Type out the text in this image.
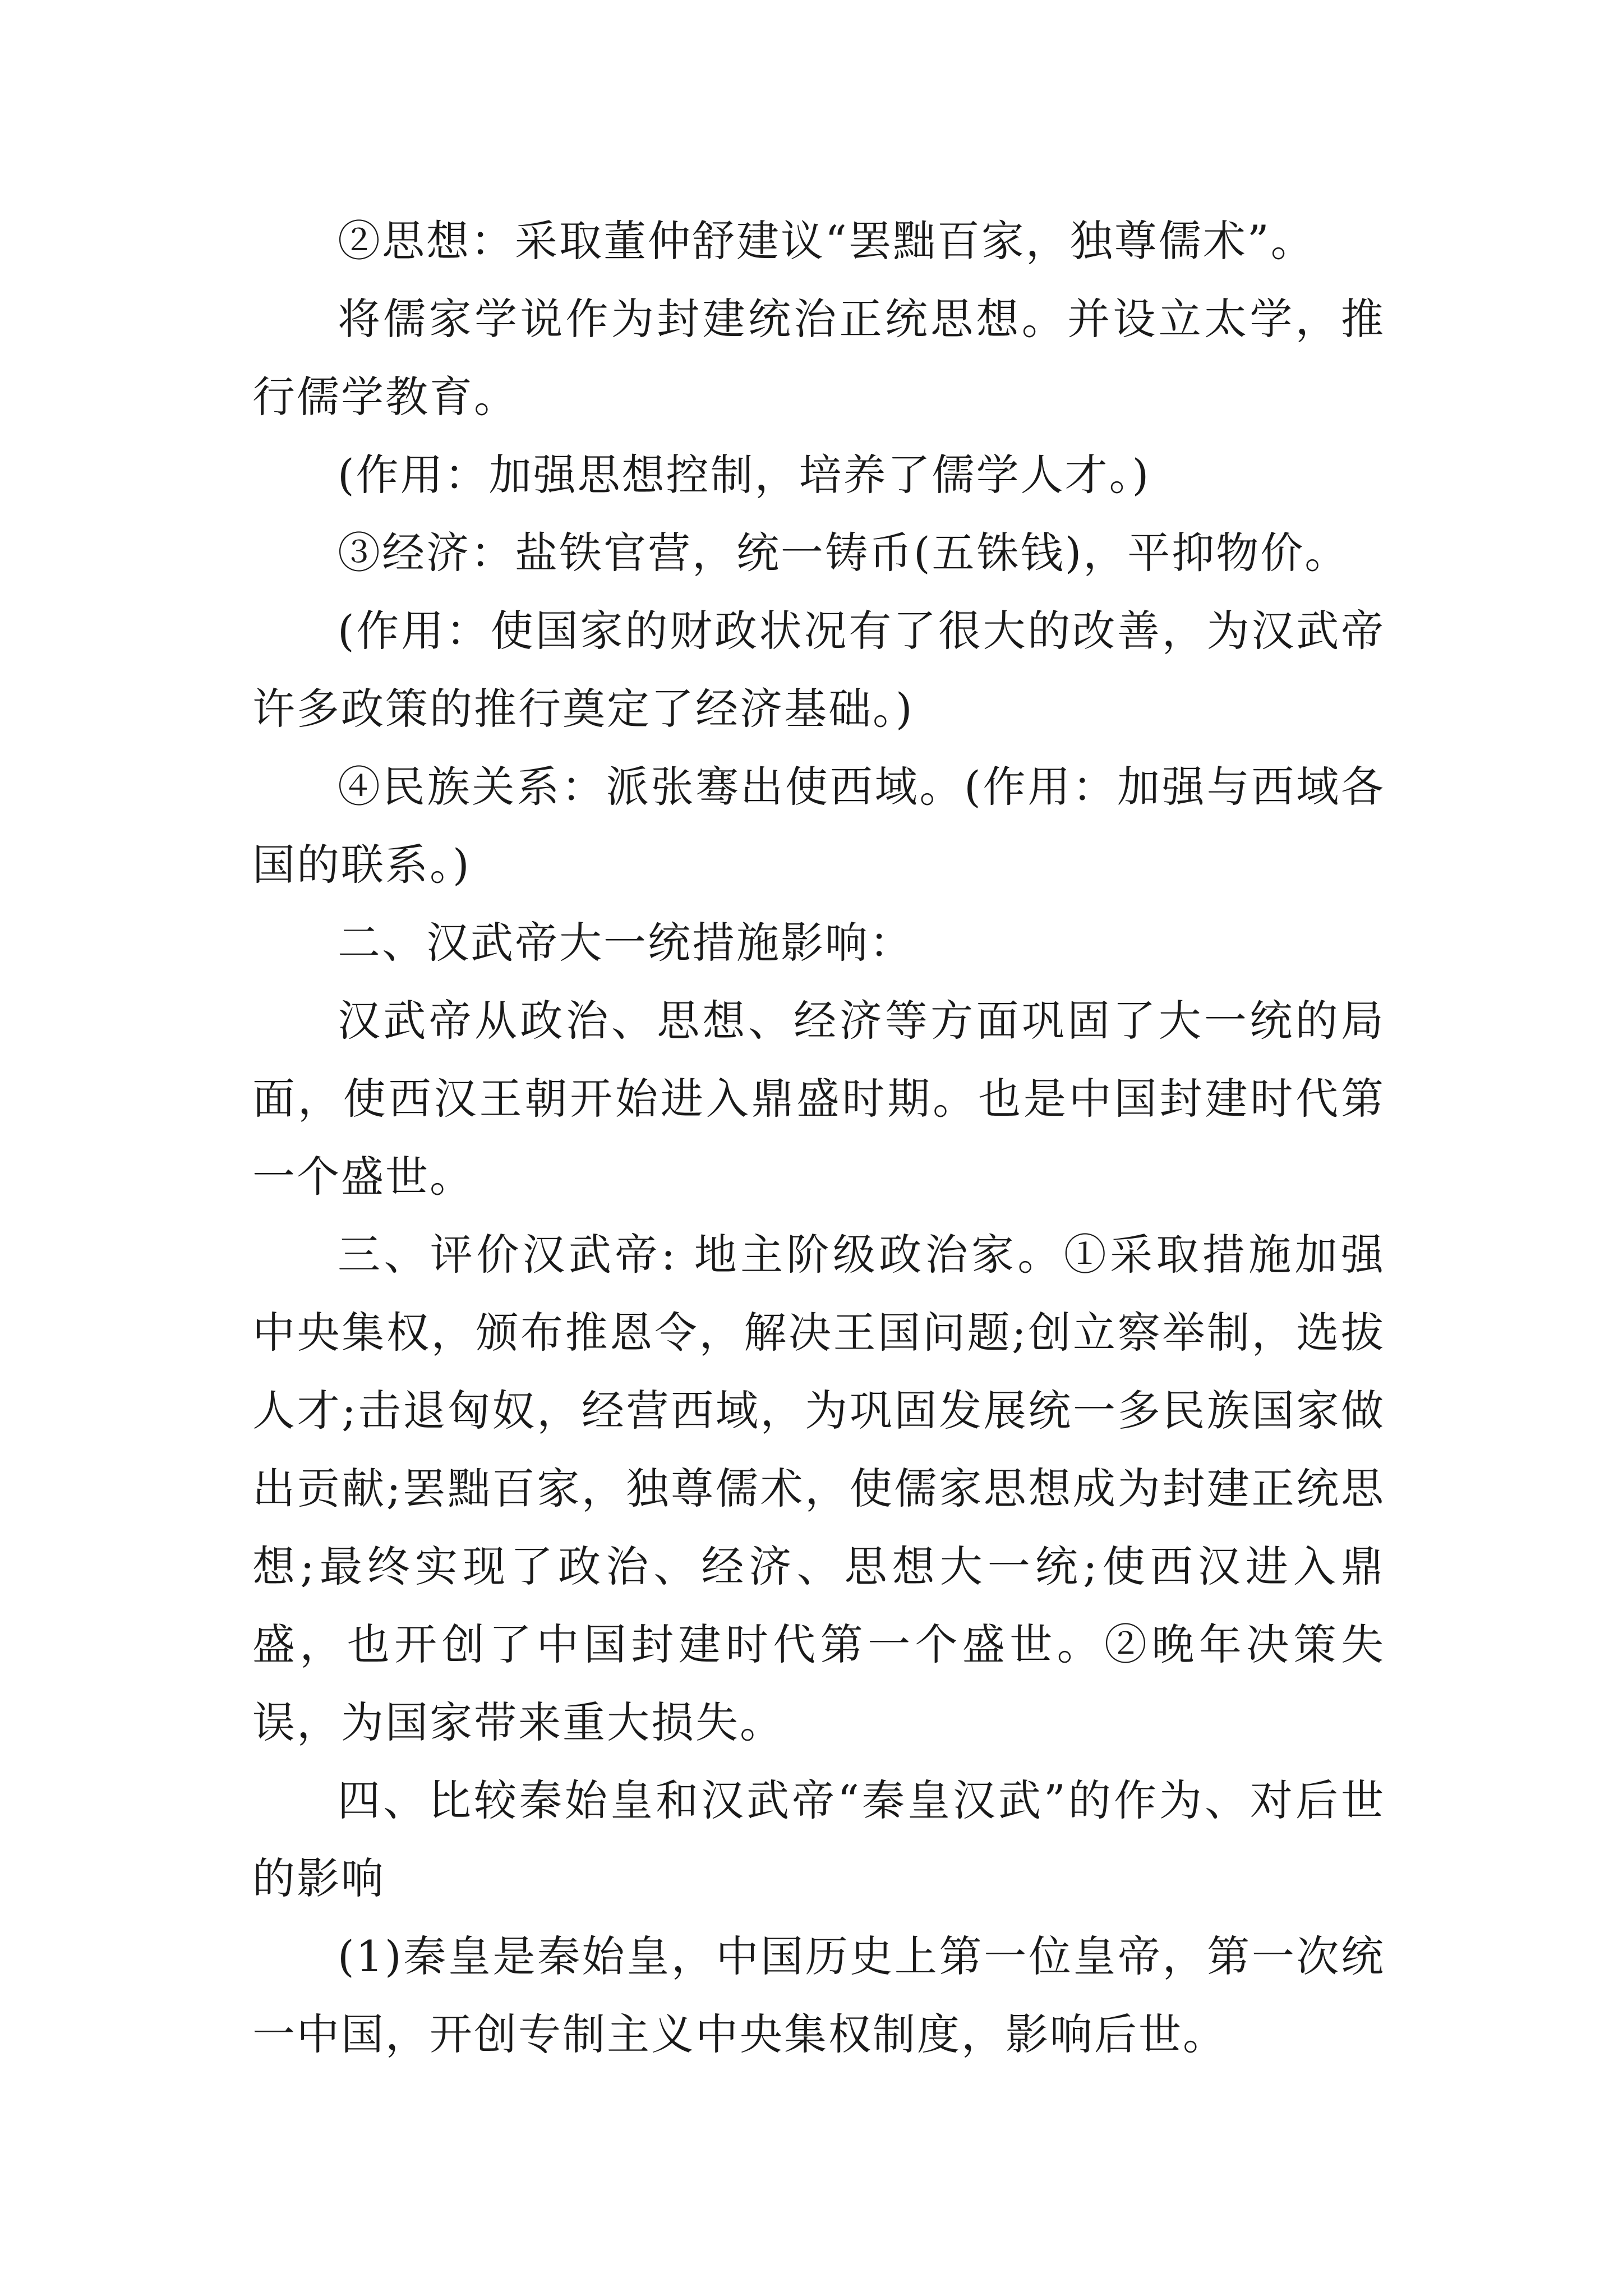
②思想：采取董仲舒建议“罢黜百家，独尊儒术”。

将儒家学说作为封建统治正统思想。并设立太学，推行儒学教育。

(作用：加强思想控制，培养了儒学人才。)

③经济：盐铁官营，统一铸币(五铢钱)，平抑物价。

(作用：使国家的财政状况有了很大的改善，为汉武帝许多政策的推行奠定了经济基础。)

④民族关系：派张骞出使西域。(作用：加强与西域各国的联系。)

二、汉武帝大一统措施影响：

汉武帝从政治、思想、经济等方面巩固了大一统的局面，使西汉王朝开始进入鼎盛时期。也是中国封建时代第一个盛世。

三、评价汉武帝: 地主阶级政治家。①采取措施加强中央集权，颁布推恩令，解决王国问题;创立察举制，选拔人才;击退匈奴，经营西域，为巩固发展统一多民族国家做出贡献;罢黜百家，独尊儒术，使儒家思想成为封建正统思想;最终实现了政治、经济、思想大一统;使西汉进入鼎盛，也开创了中国封建时代第一个盛世。②晚年决策失误，为国家带来重大损失。

四、比较秦始皇和汉武帝“秦皇汉武”的作为、对后世的影响

(1)秦皇是秦始皇，中国历史上第一位皇帝，第一次统一中国，开创专制主义中央集权制度，影响后世。
